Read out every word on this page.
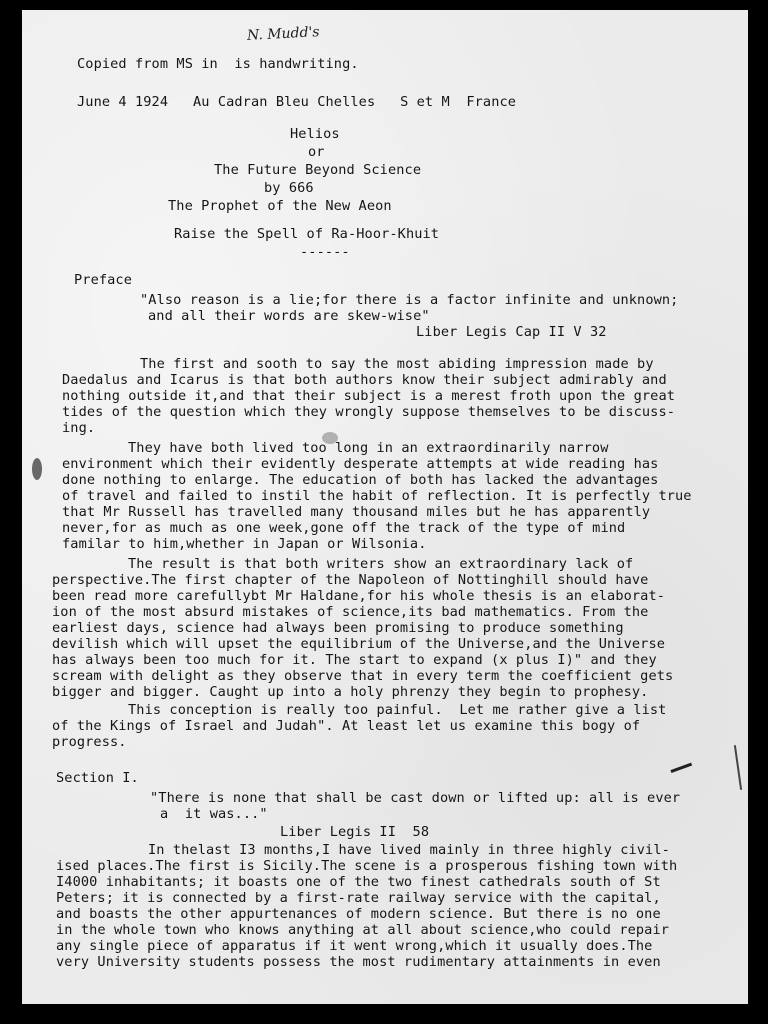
N. Mudd's
Copied from MS in  is handwriting.
June 4 1924   Au Cadran Bleu Chelles   S et M  France
Helios
or
The Future Beyond Science
by 666
The Prophet of the New Aeon
Raise the Spell of Ra-Hoor-Khuit
------
Preface
"Also reason is a lie;for there is a factor infinite and unknown;
and all their words are skew-wise"
Liber Legis Cap II V 32
The first and sooth to say the most abiding impression made by
Daedalus and Icarus is that both authors know their subject admirably and
nothing outside it,and that their subject is a merest froth upon the great
tides of the question which they wrongly suppose themselves to be discuss-
ing.
They have both lived too long in an extraordinarily narrow
environment which their evidently desperate attempts at wide reading has
done nothing to enlarge. The education of both has lacked the advantages
of travel and failed to instil the habit of reflection. It is perfectly true
that Mr Russell has travelled many thousand miles but he has apparently
never,for as much as one week,gone off the track of the type of mind
familar to him,whether in Japan or Wilsonia.
The result is that both writers show an extraordinary lack of
perspective.The first chapter of the Napoleon of Nottinghill should have
been read more carefullybt Mr Haldane,for his whole thesis is an elaborat-
ion of the most absurd mistakes of science,its bad mathematics. From the
earliest days, science had always been promising to produce something
devilish which will upset the equilibrium of the Universe,and the Universe
has always been too much for it. The start to expand (x plus I)" and they
scream with delight as they observe that in every term the coefficient gets
bigger and bigger. Caught up into a holy phrenzy they begin to prophesy.
This conception is really too painful.  Let me rather give a list
of the Kings of Israel and Judah". At least let us examine this bogy of
progress.
Section I.
"There is none that shall be cast down or lifted up: all is ever
a  it was..."
Liber Legis II  58
In thelast I3 months,I have lived mainly in three highly civil-
ised places.The first is Sicily.The scene is a prosperous fishing town with
I4000 inhabitants; it boasts one of the two finest cathedrals south of St
Peters; it is connected by a first-rate railway service with the capital,
and boasts the other appurtenances of modern science. But there is no one
in the whole town who knows anything at all about science,who could repair
any single piece of apparatus if it went wrong,which it usually does.The
very University students possess the most rudimentary attainments in even
